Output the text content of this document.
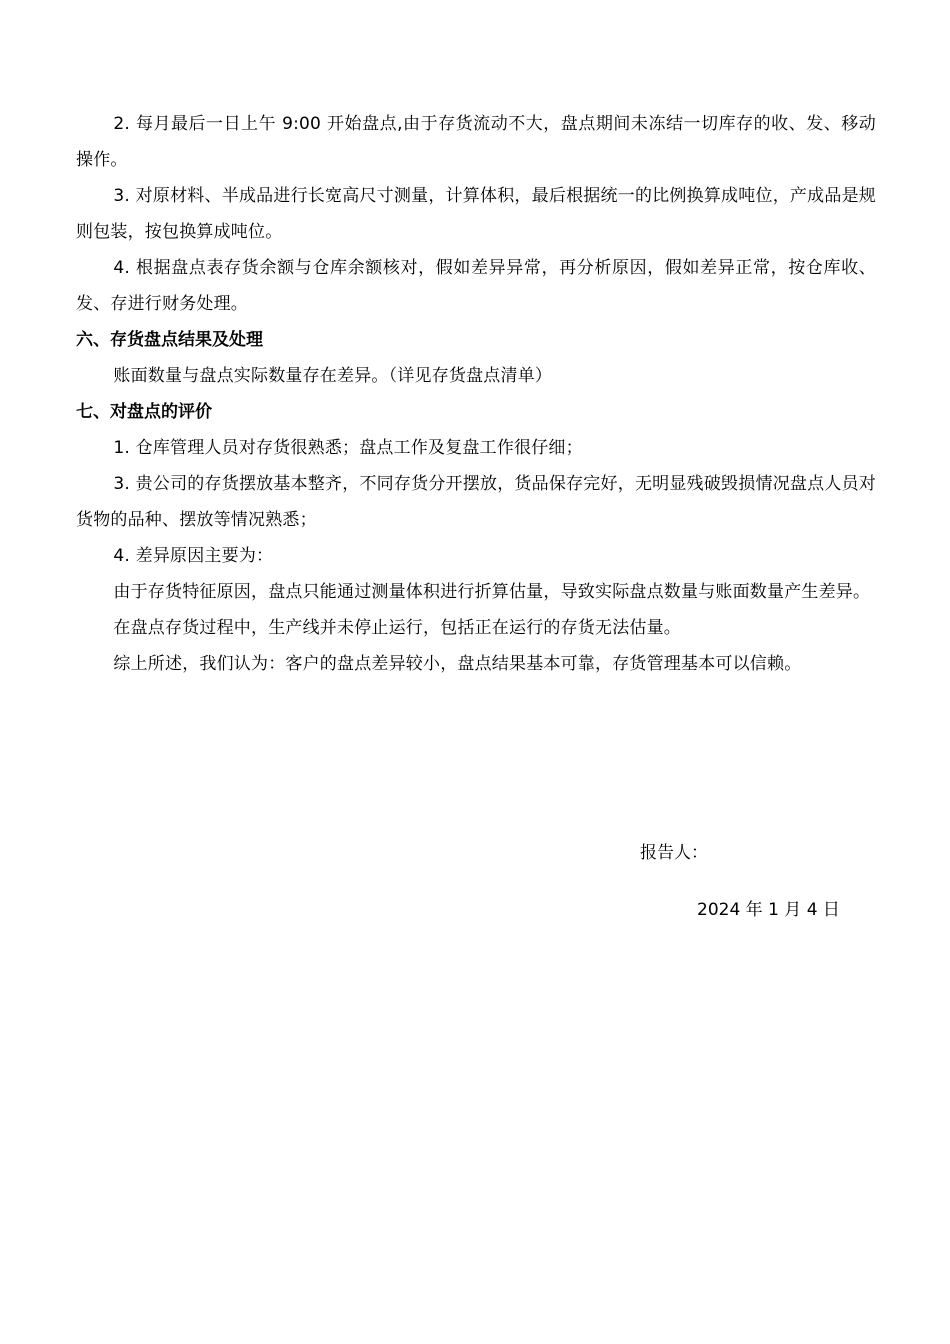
2. 每月最后一日上午 9:00 开始盘点,由于存货流动不大，盘点期间未冻结一切库存的收、发、移动操作。

3. 对原材料、半成品进行长宽高尺寸测量，计算体积，最后根据统一的比例换算成吨位，产成品是规则包装，按包换算成吨位。

4. 根据盘点表存货余额与仓库余额核对，假如差异异常，再分析原因，假如差异正常，按仓库收、发、存进行财务处理。

六、存货盘点结果及处理

账面数量与盘点实际数量存在差异。（详见存货盘点清单）

七、对盘点的评价

1. 仓库管理人员对存货很熟悉；盘点工作及复盘工作很仔细；

3. 贵公司的存货摆放基本整齐，不同存货分开摆放，货品保存完好，无明显残破毁损情况盘点人员对货物的品种、摆放等情况熟悉；

4. 差异原因主要为：

由于存货特征原因，盘点只能通过测量体积进行折算估量，导致实际盘点数量与账面数量产生差异。

在盘点存货过程中，生产线并未停止运行，包括正在运行的存货无法估量。

综上所述，我们认为：客户的盘点差异较小，盘点结果基本可靠，存货管理基本可以信赖。

报告人：
2024 年 1 月 4 日
